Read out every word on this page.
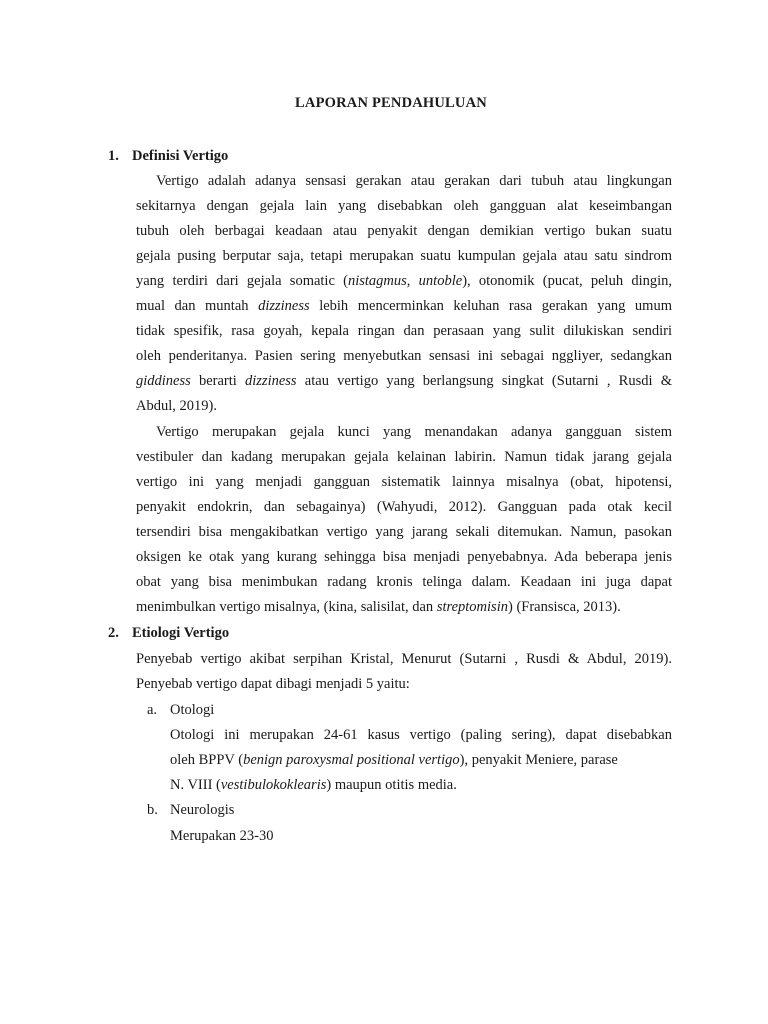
LAPORAN PENDAHULUAN
1. Definisi Vertigo
Vertigo adalah adanya sensasi gerakan atau gerakan dari tubuh atau lingkungan
sekitarnya dengan gejala lain yang disebabkan oleh gangguan alat keseimbangan
tubuh oleh berbagai keadaan atau penyakit dengan demikian vertigo bukan suatu
gejala pusing berputar saja, tetapi merupakan suatu kumpulan gejala atau satu sindrom
yang terdiri dari gejala somatic (nistagmus, untoble), otonomik (pucat, peluh dingin,
mual dan muntah dizziness lebih mencerminkan keluhan rasa gerakan yang umum
tidak spesifik, rasa goyah, kepala ringan dan perasaan yang sulit dilukiskan sendiri
oleh penderitanya. Pasien sering menyebutkan sensasi ini sebagai nggliyer, sedangkan
giddiness berarti dizziness atau vertigo yang berlangsung singkat (Sutarni , Rusdi &
Abdul, 2019).
Vertigo merupakan gejala kunci yang menandakan adanya gangguan sistem
vestibuler dan kadang merupakan gejala kelainan labirin. Namun tidak jarang gejala
vertigo ini yang menjadi gangguan sistematik lainnya misalnya (obat, hipotensi,
penyakit endokrin, dan sebagainya) (Wahyudi, 2012). Gangguan pada otak kecil
tersendiri bisa mengakibatkan vertigo yang jarang sekali ditemukan. Namun, pasokan
oksigen ke otak yang kurang sehingga bisa menjadi penyebabnya. Ada beberapa jenis
obat yang bisa menimbukan radang kronis telinga dalam. Keadaan ini juga dapat
menimbulkan vertigo misalnya, (kina, salisilat, dan streptomisin) (Fransisca, 2013).
2. Etiologi Vertigo
Penyebab vertigo akibat serpihan Kristal, Menurut (Sutarni , Rusdi & Abdul, 2019).
Penyebab vertigo dapat dibagi menjadi 5 yaitu:
a. Otologi
Otologi ini merupakan 24-61 kasus vertigo (paling sering), dapat disebabkan
oleh BPPV (benign paroxysmal positional vertigo), penyakit Meniere, parase
N. VIII (vestibulokoklearis) maupun otitis media.
b. Neurologis
Merupakan 23-30
